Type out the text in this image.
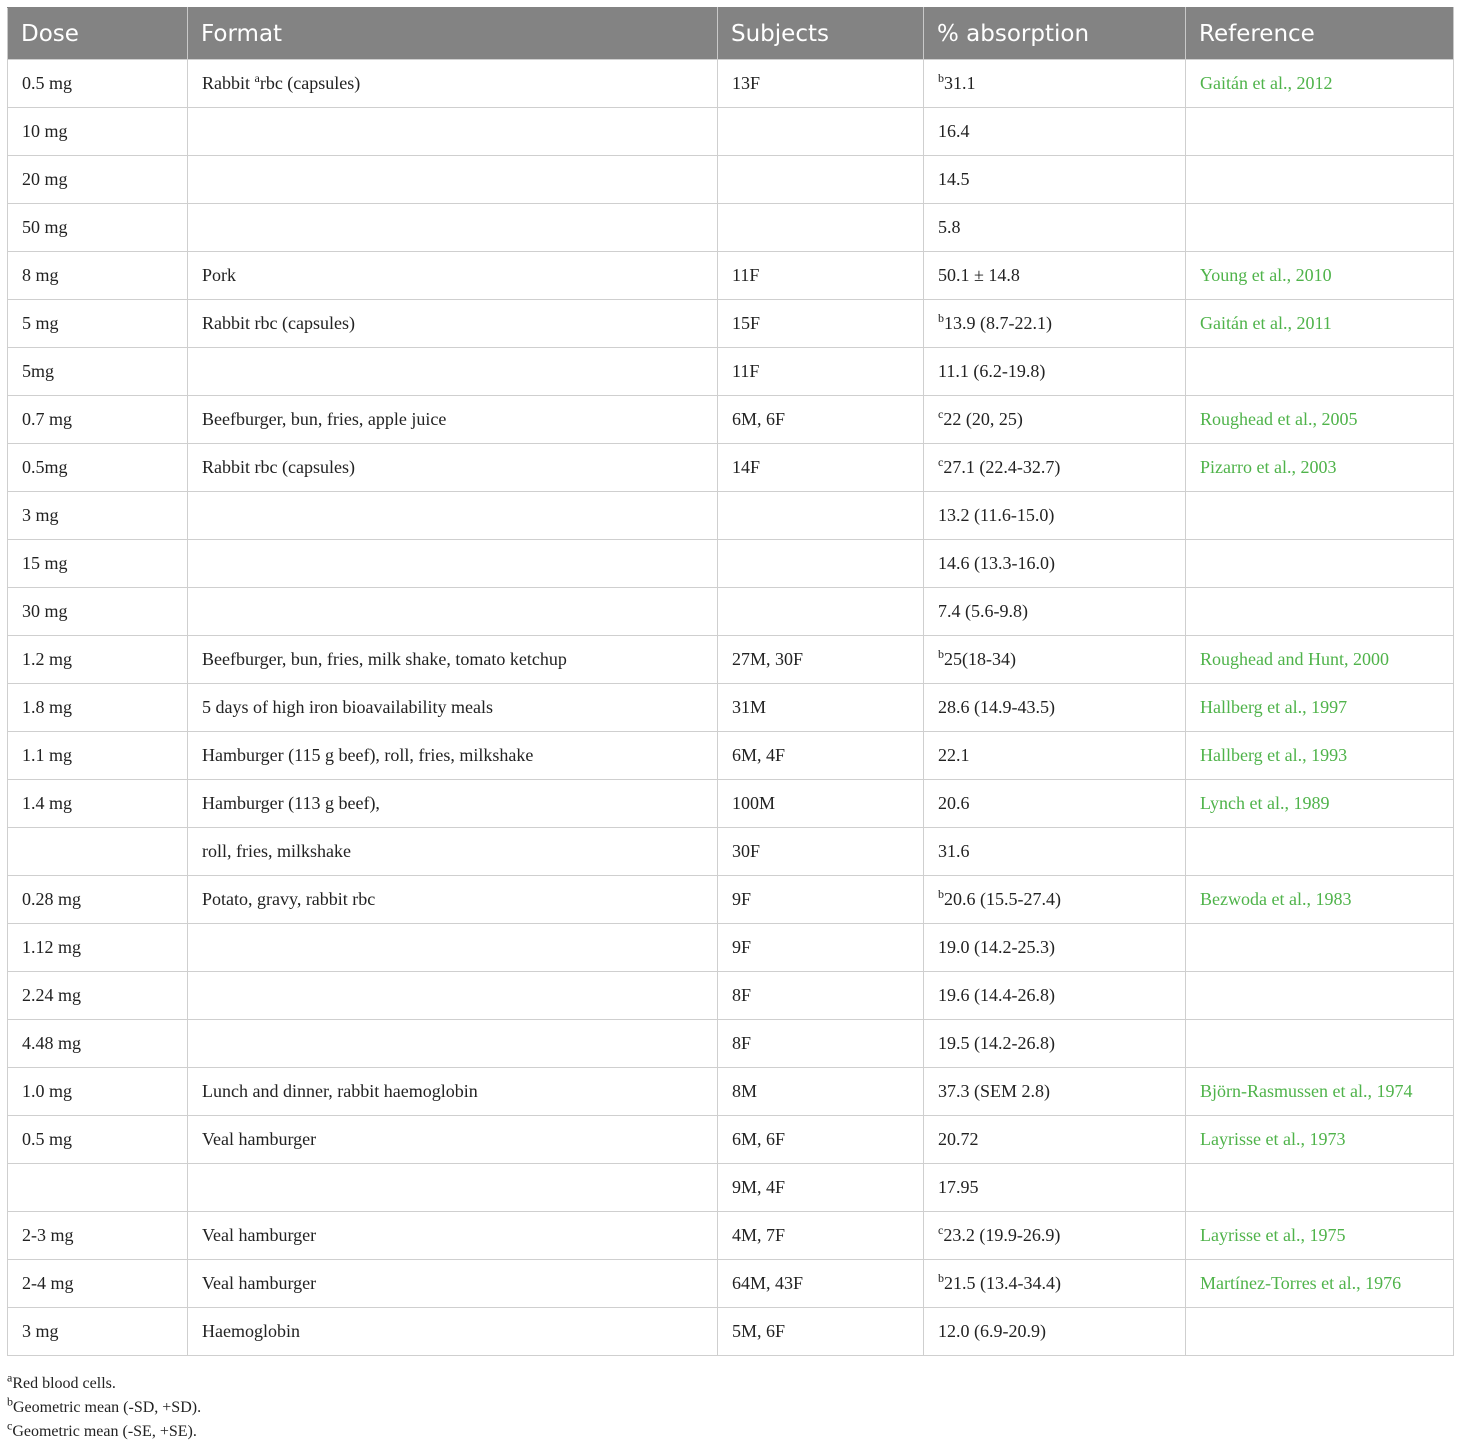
Dose	Format	Subjects	% absorption	Reference
0.5 mg	Rabbit $^a$rbc (capsules)	13F	$^b$31.1	Gaitán et al., 2012
10 mg			16.4	
20 mg			14.5	
50 mg			5.8	
8 mg	Pork	11F	50.1 ± 14.8	Young et al., 2010
5 mg	Rabbit rbc (capsules)	15F	$^b$13.9 (8.7-22.1)	Gaitán et al., 2011
5mg		11F	11.1 (6.2-19.8)	
0.7 mg	Beefburger, bun, fries, apple juice	6M, 6F	$^c$22 (20, 25)	Roughead et al., 2005
0.5mg	Rabbit rbc (capsules)	14F	$^c$27.1 (22.4-32.7)	Pizarro et al., 2003
3 mg			13.2 (11.6-15.0)	
15 mg			14.6 (13.3-16.0)	
30 mg			7.4 (5.6-9.8)	
1.2 mg	Beefburger, bun, fries, milk shake, tomato ketchup	27M, 30F	$^b$25(18-34)	Roughead and Hunt, 2000
1.8 mg	5 days of high iron bioavailability meals	31M	28.6 (14.9-43.5)	Hallberg et al., 1997
1.1 mg	Hamburger (115 g beef), roll, fries, milkshake	6M, 4F	22.1	Hallberg et al., 1993
1.4 mg	Hamburger (113 g beef),	100M	20.6	Lynch et al., 1989
	roll, fries, milkshake	30F	31.6	
0.28 mg	Potato, gravy, rabbit rbc	9F	$^b$20.6 (15.5-27.4)	Bezwoda et al., 1983
1.12 mg		9F	19.0 (14.2-25.3)	
2.24 mg		8F	19.6 (14.4-26.8)	
4.48 mg		8F	19.5 (14.2-26.8)	
1.0 mg	Lunch and dinner, rabbit haemoglobin	8M	37.3 (SEM 2.8)	Björn-Rasmussen et al., 1974
0.5 mg	Veal hamburger	6M, 6F	20.72	Layrisse et al., 1973
		9M, 4F	17.95	
2-3 mg	Veal hamburger	4M, 7F	$^c$23.2 (19.9-26.9)	Layrisse et al., 1975
2-4 mg	Veal hamburger	64M, 43F	$^b$21.5 (13.4-34.4)	Martínez-Torres et al., 1976
3 mg	Haemoglobin	5M, 6F	12.0 (6.9-20.9)	
$^a$Red blood cells.
$^b$Geometric mean (-SD, +SD).
$^c$Geometric mean (-SE, +SE).
